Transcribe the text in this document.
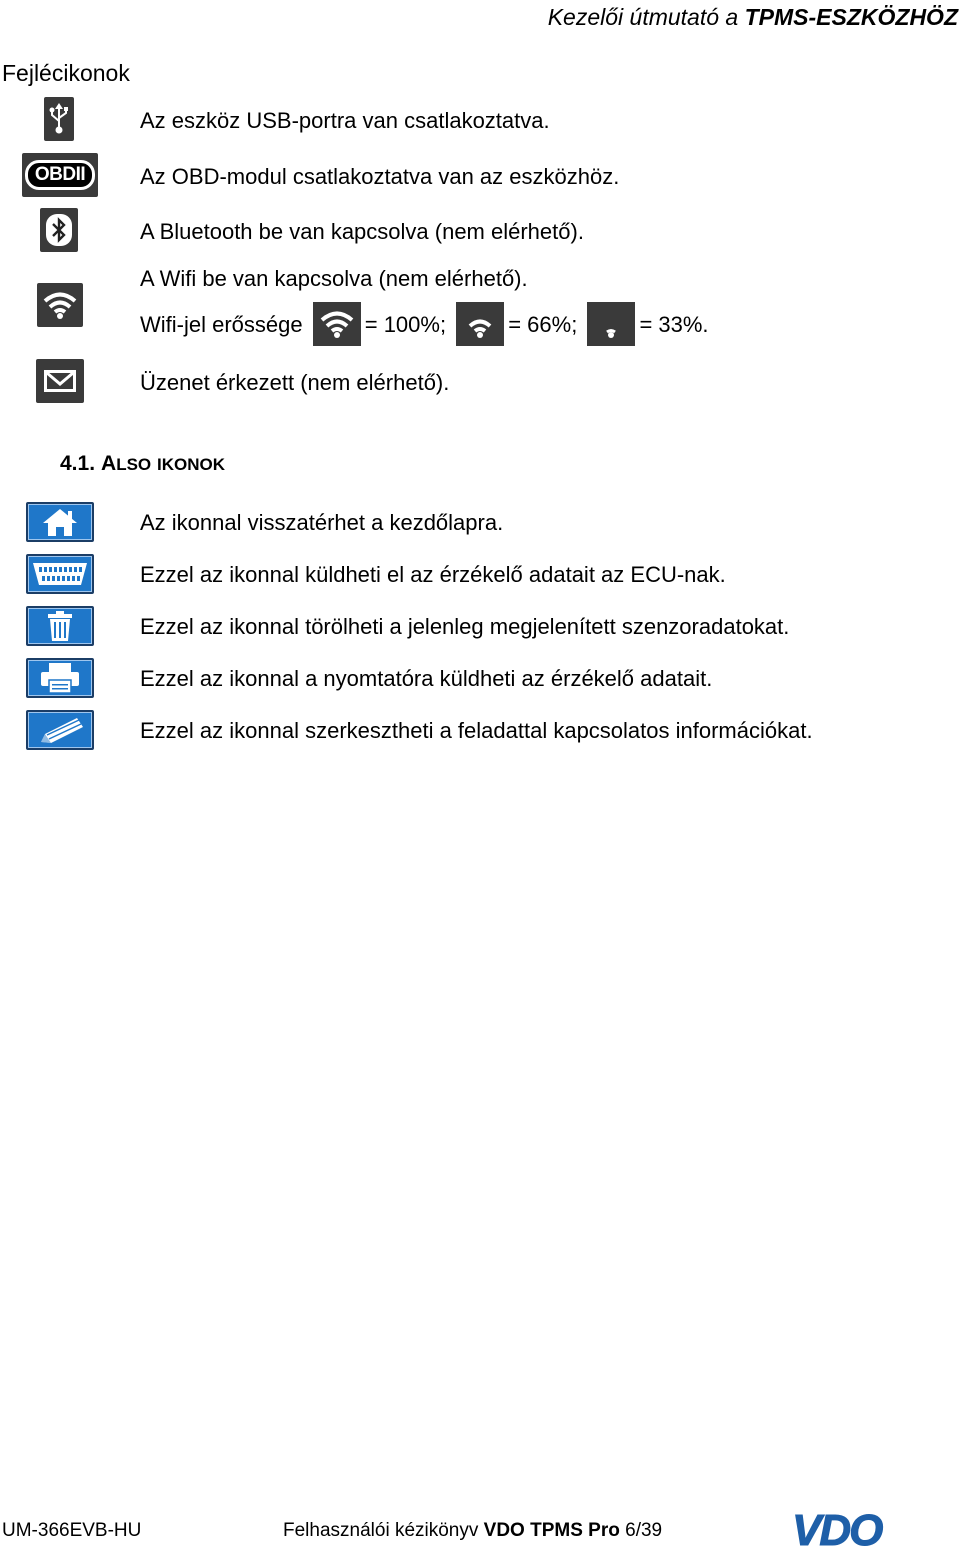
Kezelői útmutató a TPMS-ESZKÖZHÖZ
Fejlécikonok
Az eszköz USB-portra van csatlakoztatva.
OBDII	Az OBD-modul csatlakoztatva van az eszközhöz.
A Bluetooth be van kapcsolva (nem elérhető).
A Wifi be van kapcsolva (nem elérhető).
Wifi-jel erőssége	= 100%;	= 66%;	= 33%.
Üzenet érkezett (nem elérhető).
4.1. ALSO IKONOK
Az ikonnal visszatérhet a kezdőlapra.
Ezzel az ikonnal küldheti el az érzékelő adatait az ECU-nak.
Ezzel az ikonnal törölheti a jelenleg megjelenített szenzoradatokat.
Ezzel az ikonnal a nyomtatóra küldheti az érzékelő adatait.
Ezzel az ikonnal szerkesztheti a feladattal kapcsolatos információkat.
UM-366EVB-HU	Felhasználói kézikönyv VDO TPMS Pro 6/39	VDO
